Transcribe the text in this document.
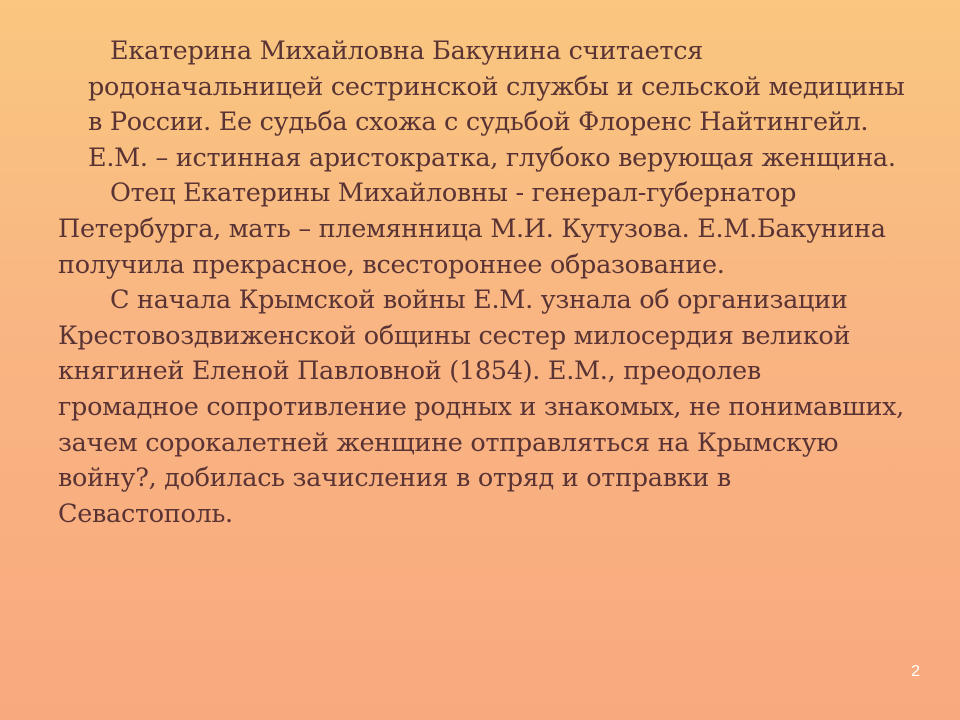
Екатерина Михайловна Бакунина считается родоначальницей сестринской службы и сельской медицины в России. Ее судьба схожа с судьбой Флоренс Найтингейл. Е.М. – истинная аристократка, глубоко верующая женщина.

Отец Екатерины Михайловны - генерал-губернатор Петербурга, мать – племянница М.И. Кутузова. Е.М.Бакунина получила прекрасное, всестороннее образование.

С начала Крымской войны Е.М. узнала об организации Крестовоздвиженской общины сестер милосердия великой княгиней Еленой Павловной (1854). Е.М., преодолев громадное сопротивление родных и знакомых, не понимавших, зачем сорокалетней женщине отправляться на Крымскую войну?, добилась зачисления в отряд и отправки в Севастополь.

2
